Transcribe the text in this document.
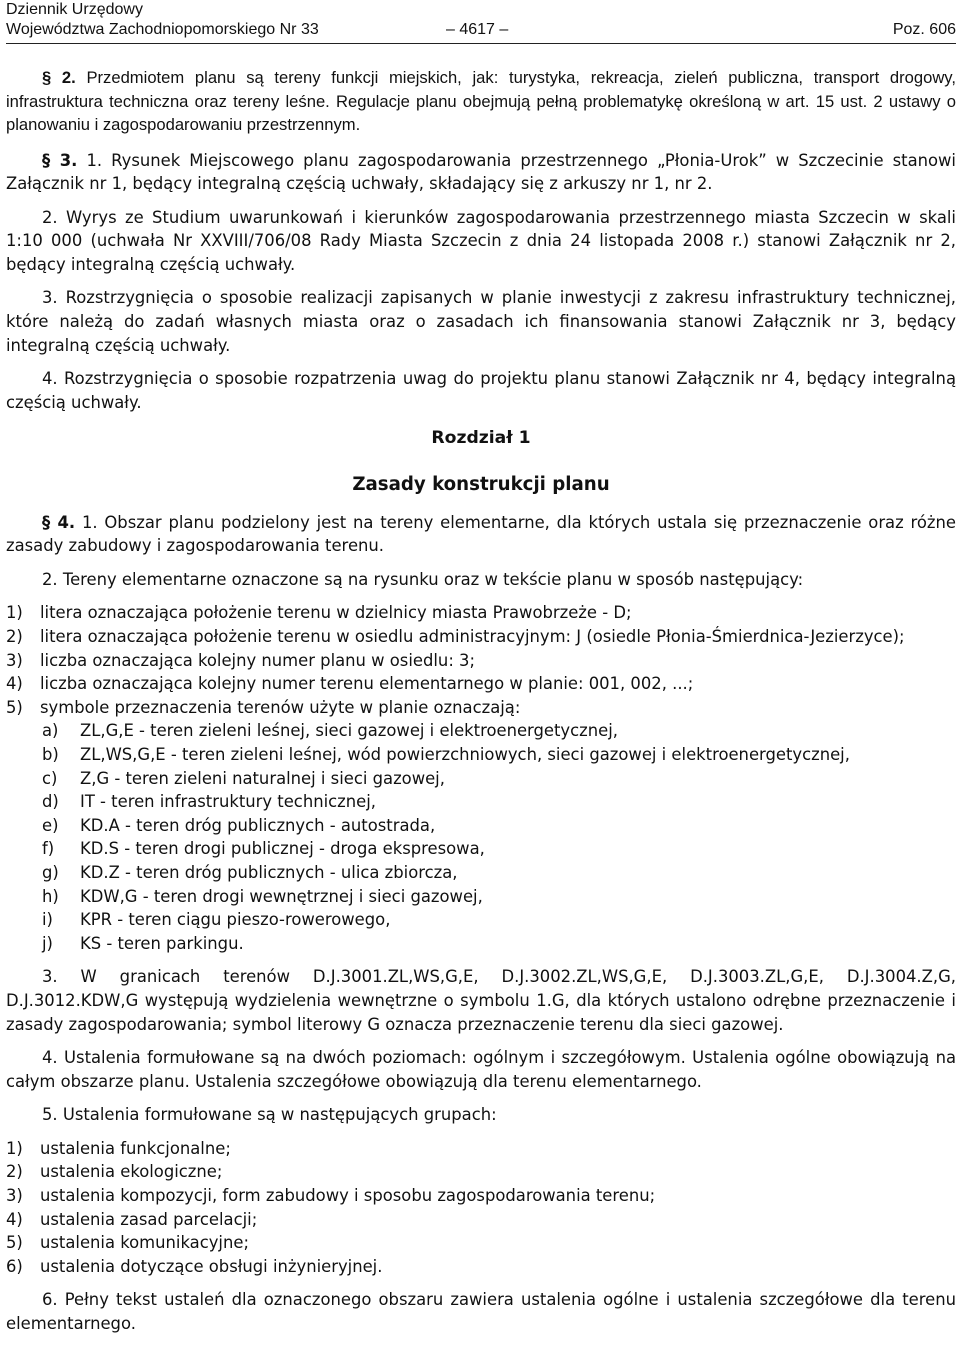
Dziennik Urzędowy
Województwa Zachodniopomorskiego Nr 33	– 4617 –	Poz. 606

§ 2. Przedmiotem planu są tereny funkcji miejskich, jak: turystyka, rekreacja, zieleń publiczna, transport drogowy, infrastruktura techniczna oraz tereny leśne. Regulacje planu obejmują pełną problematykę określoną w art. 15 ust. 2 ustawy o planowaniu i zagospodarowaniu przestrzennym.

§ 3. 1. Rysunek Miejscowego planu zagospodarowania przestrzennego „Płonia-Urok” w Szczecinie stanowi Załącznik nr 1, będący integralną częścią uchwały, składający się z arkuszy nr 1, nr 2.

2. Wyrys ze Studium uwarunkowań i kierunków zagospodarowania przestrzennego miasta Szczecin w skali 1:10 000 (uchwała Nr XXVIII/706/08 Rady Miasta Szczecin z dnia 24 listopada 2008 r.) stanowi Załącznik nr 2, będący integralną częścią uchwały.

3. Rozstrzygnięcia o sposobie realizacji zapisanych w planie inwestycji z zakresu infrastruktury technicznej, które należą do zadań własnych miasta oraz o zasadach ich finansowania stanowi Załącznik nr 3, będący integralną częścią uchwały.

4. Rozstrzygnięcia o sposobie rozpatrzenia uwag do projektu planu stanowi Załącznik nr 4, będący integralną częścią uchwały.

Rozdział 1
Zasady konstrukcji planu

§ 4. 1. Obszar planu podzielony jest na tereny elementarne, dla których ustala się przeznaczenie oraz różne zasady zabudowy i zagospodarowania terenu.

2. Tereny elementarne oznaczone są na rysunku oraz w tekście planu w sposób następujący:

1) litera oznaczająca położenie terenu w dzielnicy miasta Prawobrzeże - D;
2) litera oznaczająca położenie terenu w osiedlu administracyjnym: J (osiedle Płonia-Śmierdnica-Jezierzyce);
3) liczba oznaczająca kolejny numer planu w osiedlu: 3;
4) liczba oznaczająca kolejny numer terenu elementarnego w planie: 001, 002, ...;
5) symbole przeznaczenia terenów użyte w planie oznaczają:
a) ZL,G,E - teren zieleni leśnej, sieci gazowej i elektroenergetycznej,
b) ZL,WS,G,E - teren zieleni leśnej, wód powierzchniowych, sieci gazowej i elektroenergetycznej,
c) Z,G - teren zieleni naturalnej i sieci gazowej,
d) IT - teren infrastruktury technicznej,
e) KD.A - teren dróg publicznych - autostrada,
f) KD.S - teren drogi publicznej - droga ekspresowa,
g) KD.Z - teren dróg publicznych - ulica zbiorcza,
h) KDW,G - teren drogi wewnętrznej i sieci gazowej,
i) KPR - teren ciągu pieszo-rowerowego,
j) KS - teren parkingu.

3. W granicach terenów D.J.3001.ZL,WS,G,E, D.J.3002.ZL,WS,G,E, D.J.3003.ZL,G,E, D.J.3004.Z,G, D.J.3012.KDW,G występują wydzielenia wewnętrzne o symbolu 1.G, dla których ustalono odrębne przeznaczenie i zasady zagospodarowania; symbol literowy G oznacza przeznaczenie terenu dla sieci gazowej.

4. Ustalenia formułowane są na dwóch poziomach: ogólnym i szczegółowym. Ustalenia ogólne obowiązują na całym obszarze planu. Ustalenia szczegółowe obowiązują dla terenu elementarnego.

5. Ustalenia formułowane są w następujących grupach:

1) ustalenia funkcjonalne;
2) ustalenia ekologiczne;
3) ustalenia kompozycji, form zabudowy i sposobu zagospodarowania terenu;
4) ustalenia zasad parcelacji;
5) ustalenia komunikacyjne;
6) ustalenia dotyczące obsługi inżynieryjnej.

6. Pełny tekst ustaleń dla oznaczonego obszaru zawiera ustalenia ogólne i ustalenia szczegółowe dla terenu elementarnego.
